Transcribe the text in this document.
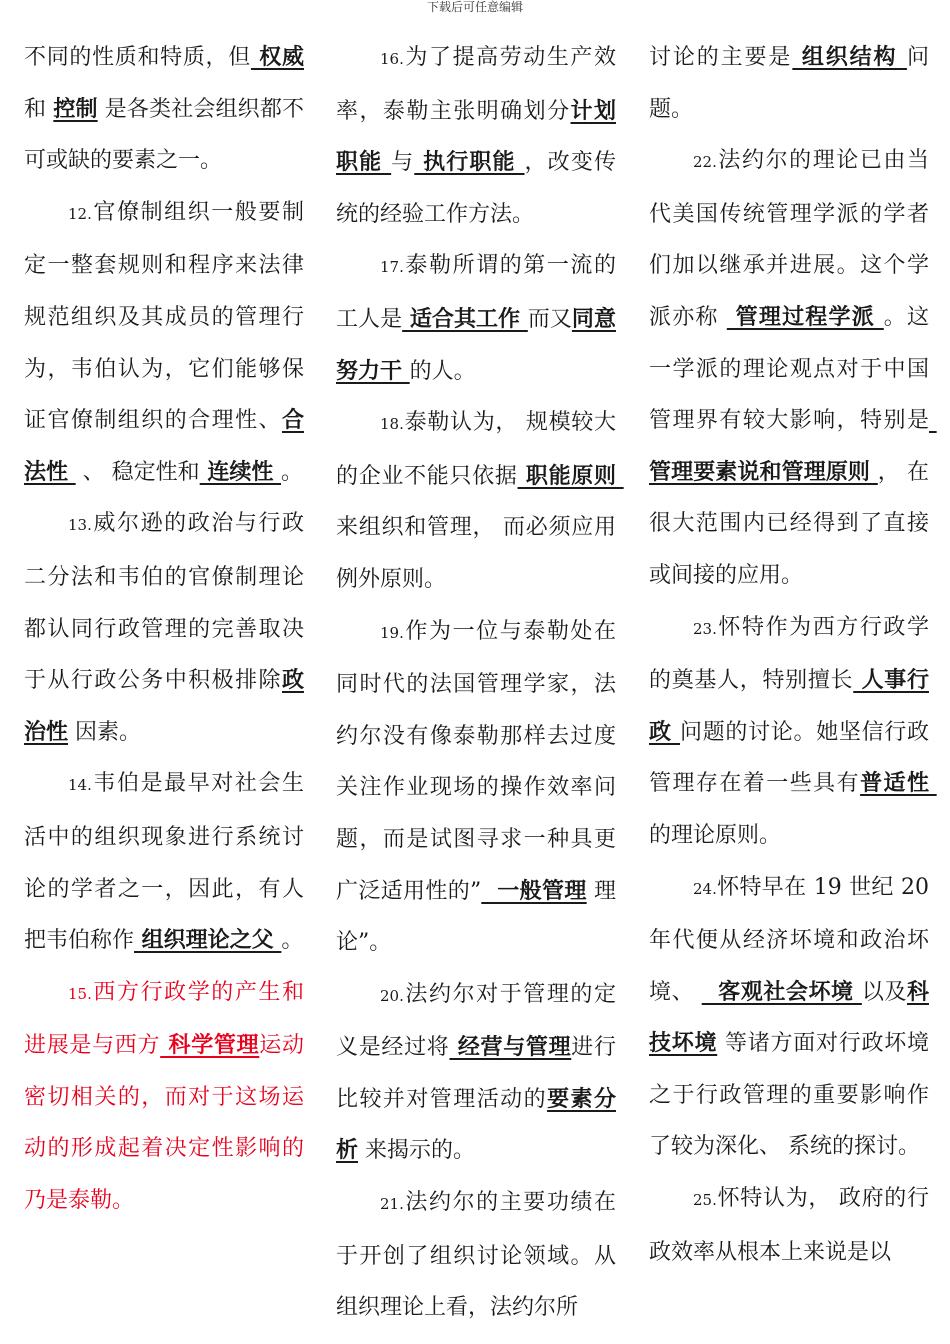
下载后可任意编辑

不同的性质和特质，但 权威 和 控制 是各类社会组织都不可或缺的要素之一。

12.官僚制组织一般要制定一整套规则和程序来法律规范组织及其成员的管理行为，韦伯认为，它们能够保证官僚制组织的合理性、合法性  、 稳定性和 连续性 。

13.威尔逊的政治与行政二分法和韦伯的官僚制理论都认同行政管理的完善取决于从行政公务中积极排除政治性 因素。

14.韦伯是最早对社会生活中的组织现象进行系统讨论的学者之一，因此，有人把韦伯称作 组织理论之父 。

15.西方行政学的产生和进展是与西方 科学管理运动密切相关的，而对于这场运动的形成起着决定性影响的乃是泰勒。

16.为了提高劳动生产效率，泰勒主张明确划分计划职能 与 执行职能 ，改变传统的经验工作方法。

17.泰勒所谓的第一流的工人是 适合其工作 而又同意努力干 的人。

18.泰勒认为， 规模较大的企业不能只依据 职能原则 来组织和管理， 而必须应用例外原则。

19.作为一位与泰勒处在同时代的法国管理学家，法约尔没有像泰勒那样去过度关注作业现场的操作效率问题，而是试图寻求一种具更广泛适用性的”  一般管理 理论”。

20.法约尔对于管理的定义是经过将 经营与管理进行比较并对管理活动的要素分析 来揭示的。

21.法约尔的主要功绩在于开创了组织讨论领域。从组织理论上看，法约尔所

讨论的主要是 组织结构 问题。

22.法约尔的理论已由当代美国传统管理学派的学者们加以继承并进展。这个学派亦称  管理过程学派 。这一学派的理论观点对于中国管理界有较大影响，特别是 管理要素说和管理原则 ， 在很大范围内已经得到了直接或间接的应用。

23.怀特作为西方行政学的奠基人，特别擅长 人事行政 问题的讨论。她坚信行政管理存在着一些具有普适性 的理论原则。

24.怀特早在 19 世纪 20 年代便从经济坏境和政治坏境、   客观社会坏境 以及科技坏境 等诸方面对行政坏境之于行政管理的重要影响作了较为深化、 系统的探讨。

25.怀特认为， 政府的行政效率从根本上来说是以
